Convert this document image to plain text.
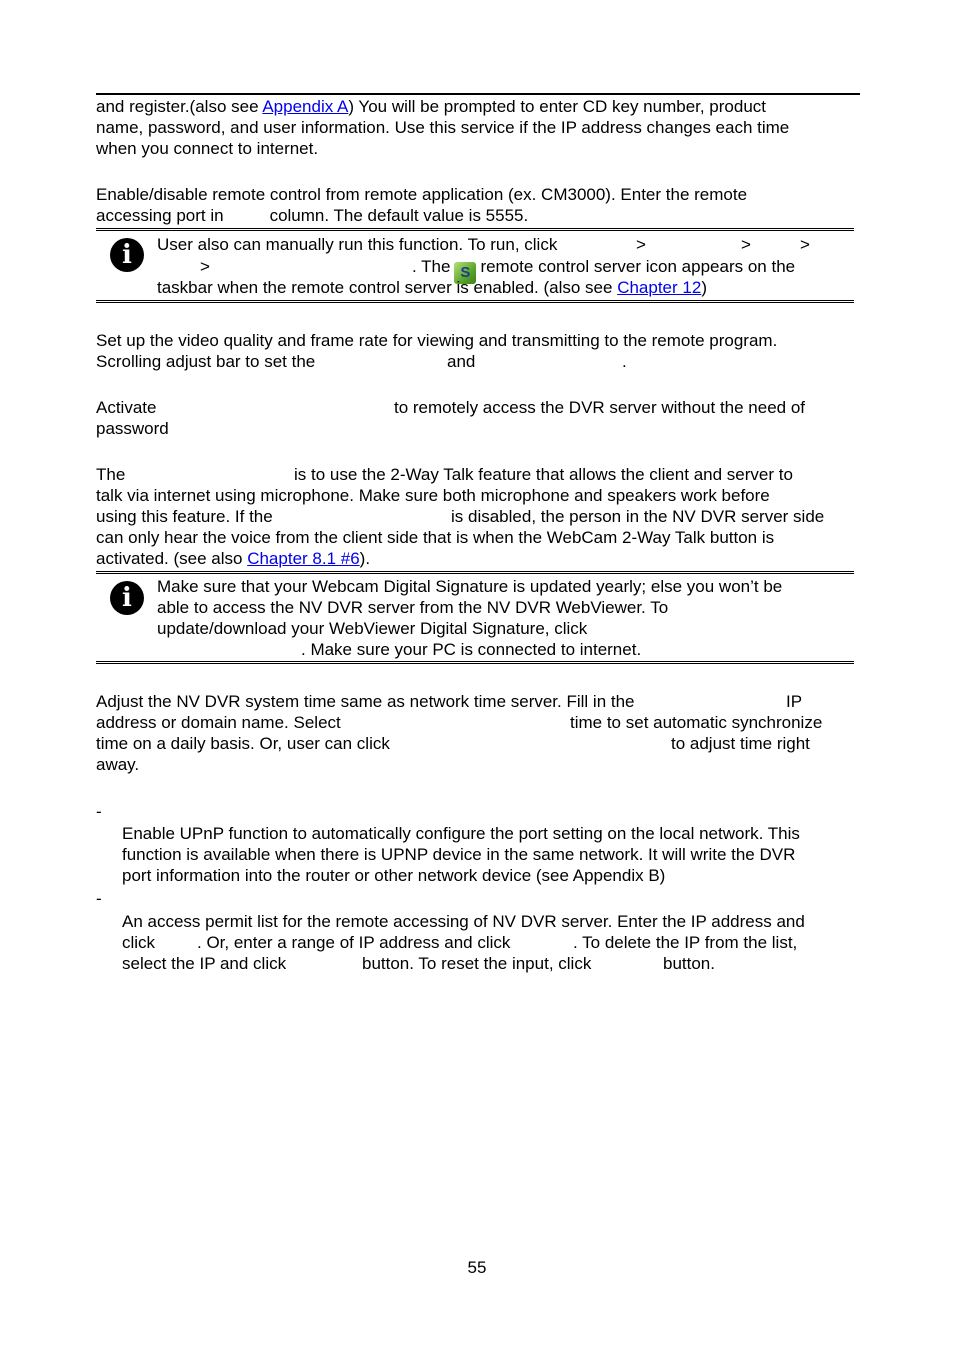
and register.(also see Appendix A) You will be prompted to enter CD key number, product
name, password, and user information. Use this service if the IP address changes each time
when you connect to internet.
Enable/disable remote control from remote application (ex. CM3000). Enter the remote
accessing port in	column. The default value is 5555.
i	User also can manually run this function. To run, click	>	>	>
>	. The S remote control server icon appears on the
taskbar when the remote control server is enabled. (also see Chapter 12)
Set up the video quality and frame rate for viewing and transmitting to the remote program.
Scrolling adjust bar to set the	and	.
Activate	to remotely access the DVR server without the need of
password
The	is to use the 2-Way Talk feature that allows the client and server to
talk via internet using microphone. Make sure both microphone and speakers work before
using this feature. If the	is disabled, the person in the NV DVR server side
can only hear the voice from the client side that is when the WebCam 2-Way Talk button is
activated. (see also Chapter 8.1 #6).
i	Make sure that your Webcam Digital Signature is updated yearly; else you won’t be
able to access the NV DVR server from the NV DVR WebViewer. To
update/download your WebViewer Digital Signature, click
. Make sure your PC is connected to internet.
Adjust the NV DVR system time same as network time server. Fill in the	IP
address or domain name. Select	time to set automatic synchronize
time on a daily basis. Or, user can click	to adjust time right
away.
-
Enable UPnP function to automatically configure the port setting on the local network. This
function is available when there is UPNP device in the same network. It will write the DVR
port information into the router or other network device (see Appendix B)
-
An access permit list for the remote accessing of NV DVR server. Enter the IP address and
click . Or, enter a range of IP address and click	. To delete the IP from the list,
select the IP and click	button. To reset the input, click	button.
55
